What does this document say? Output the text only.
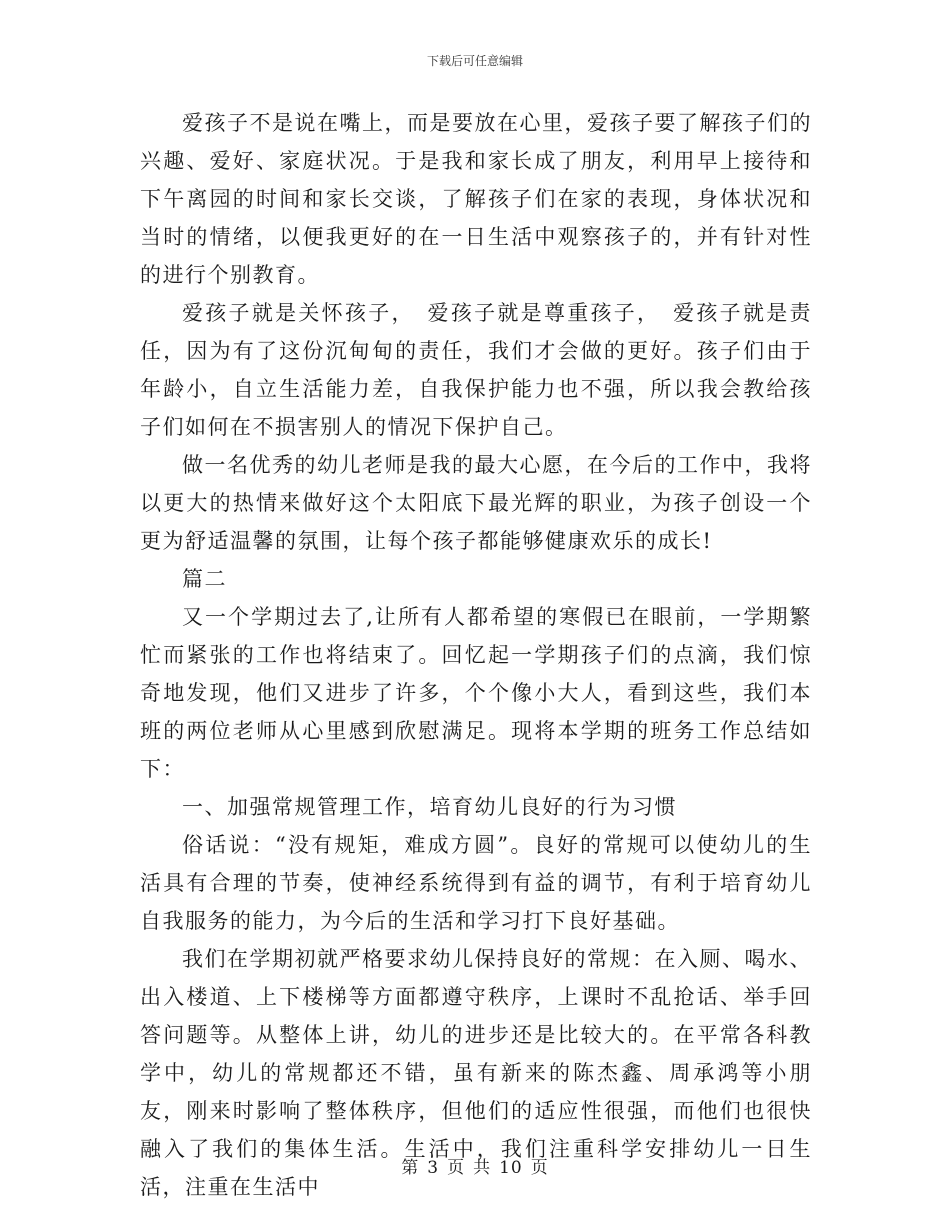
下载后可任意编辑

爱孩子不是说在嘴上，而是要放在心里，爱孩子要了解孩子们的兴趣、爱好、家庭状况。于是我和家长成了朋友，利用早上接待和下午离园的时间和家长交谈，了解孩子们在家的表现，身体状况和当时的情绪，以便我更好的在一日生活中观察孩子的，并有针对性的进行个别教育。

爱孩子就是关怀孩子，　爱孩子就是尊重孩子，　爱孩子就是责任，因为有了这份沉甸甸的责任，我们才会做的更好。孩子们由于年龄小，自立生活能力差，自我保护能力也不强，所以我会教给孩子们如何在不损害别人的情况下保护自己。

做一名优秀的幼儿老师是我的最大心愿，在今后的工作中，我将以更大的热情来做好这个太阳底下最光辉的职业，为孩子创设一个更为舒适温馨的氛围，让每个孩子都能够健康欢乐的成长!

篇二

又一个学期过去了,让所有人都希望的寒假已在眼前，一学期繁忙而紧张的工作也将结束了。回忆起一学期孩子们的点滴，我们惊奇地发现，他们又进步了许多，个个像小大人，看到这些，我们本班的两位老师从心里感到欣慰满足。现将本学期的班务工作总结如下：

一、加强常规管理工作，培育幼儿良好的行为习惯

俗话说：“没有规矩，难成方圆”。良好的常规可以使幼儿的生活具有合理的节奏，使神经系统得到有益的调节，有利于培育幼儿自我服务的能力，为今后的生活和学习打下良好基础。

我们在学期初就严格要求幼儿保持良好的常规：在入厕、喝水、出入楼道、上下楼梯等方面都遵守秩序，上课时不乱抢话、举手回答问题等。从整体上讲，幼儿的进步还是比较大的。在平常各科教学中，幼儿的常规都还不错，虽有新来的陈杰鑫、周承鸿等小朋友，刚来时影响了整体秩序，但他们的适应性很强，而他们也很快融入了我们的集体生活。生活中，我们注重科学安排幼儿一日生活，注重在生活中

第 3 页 共 10 页
